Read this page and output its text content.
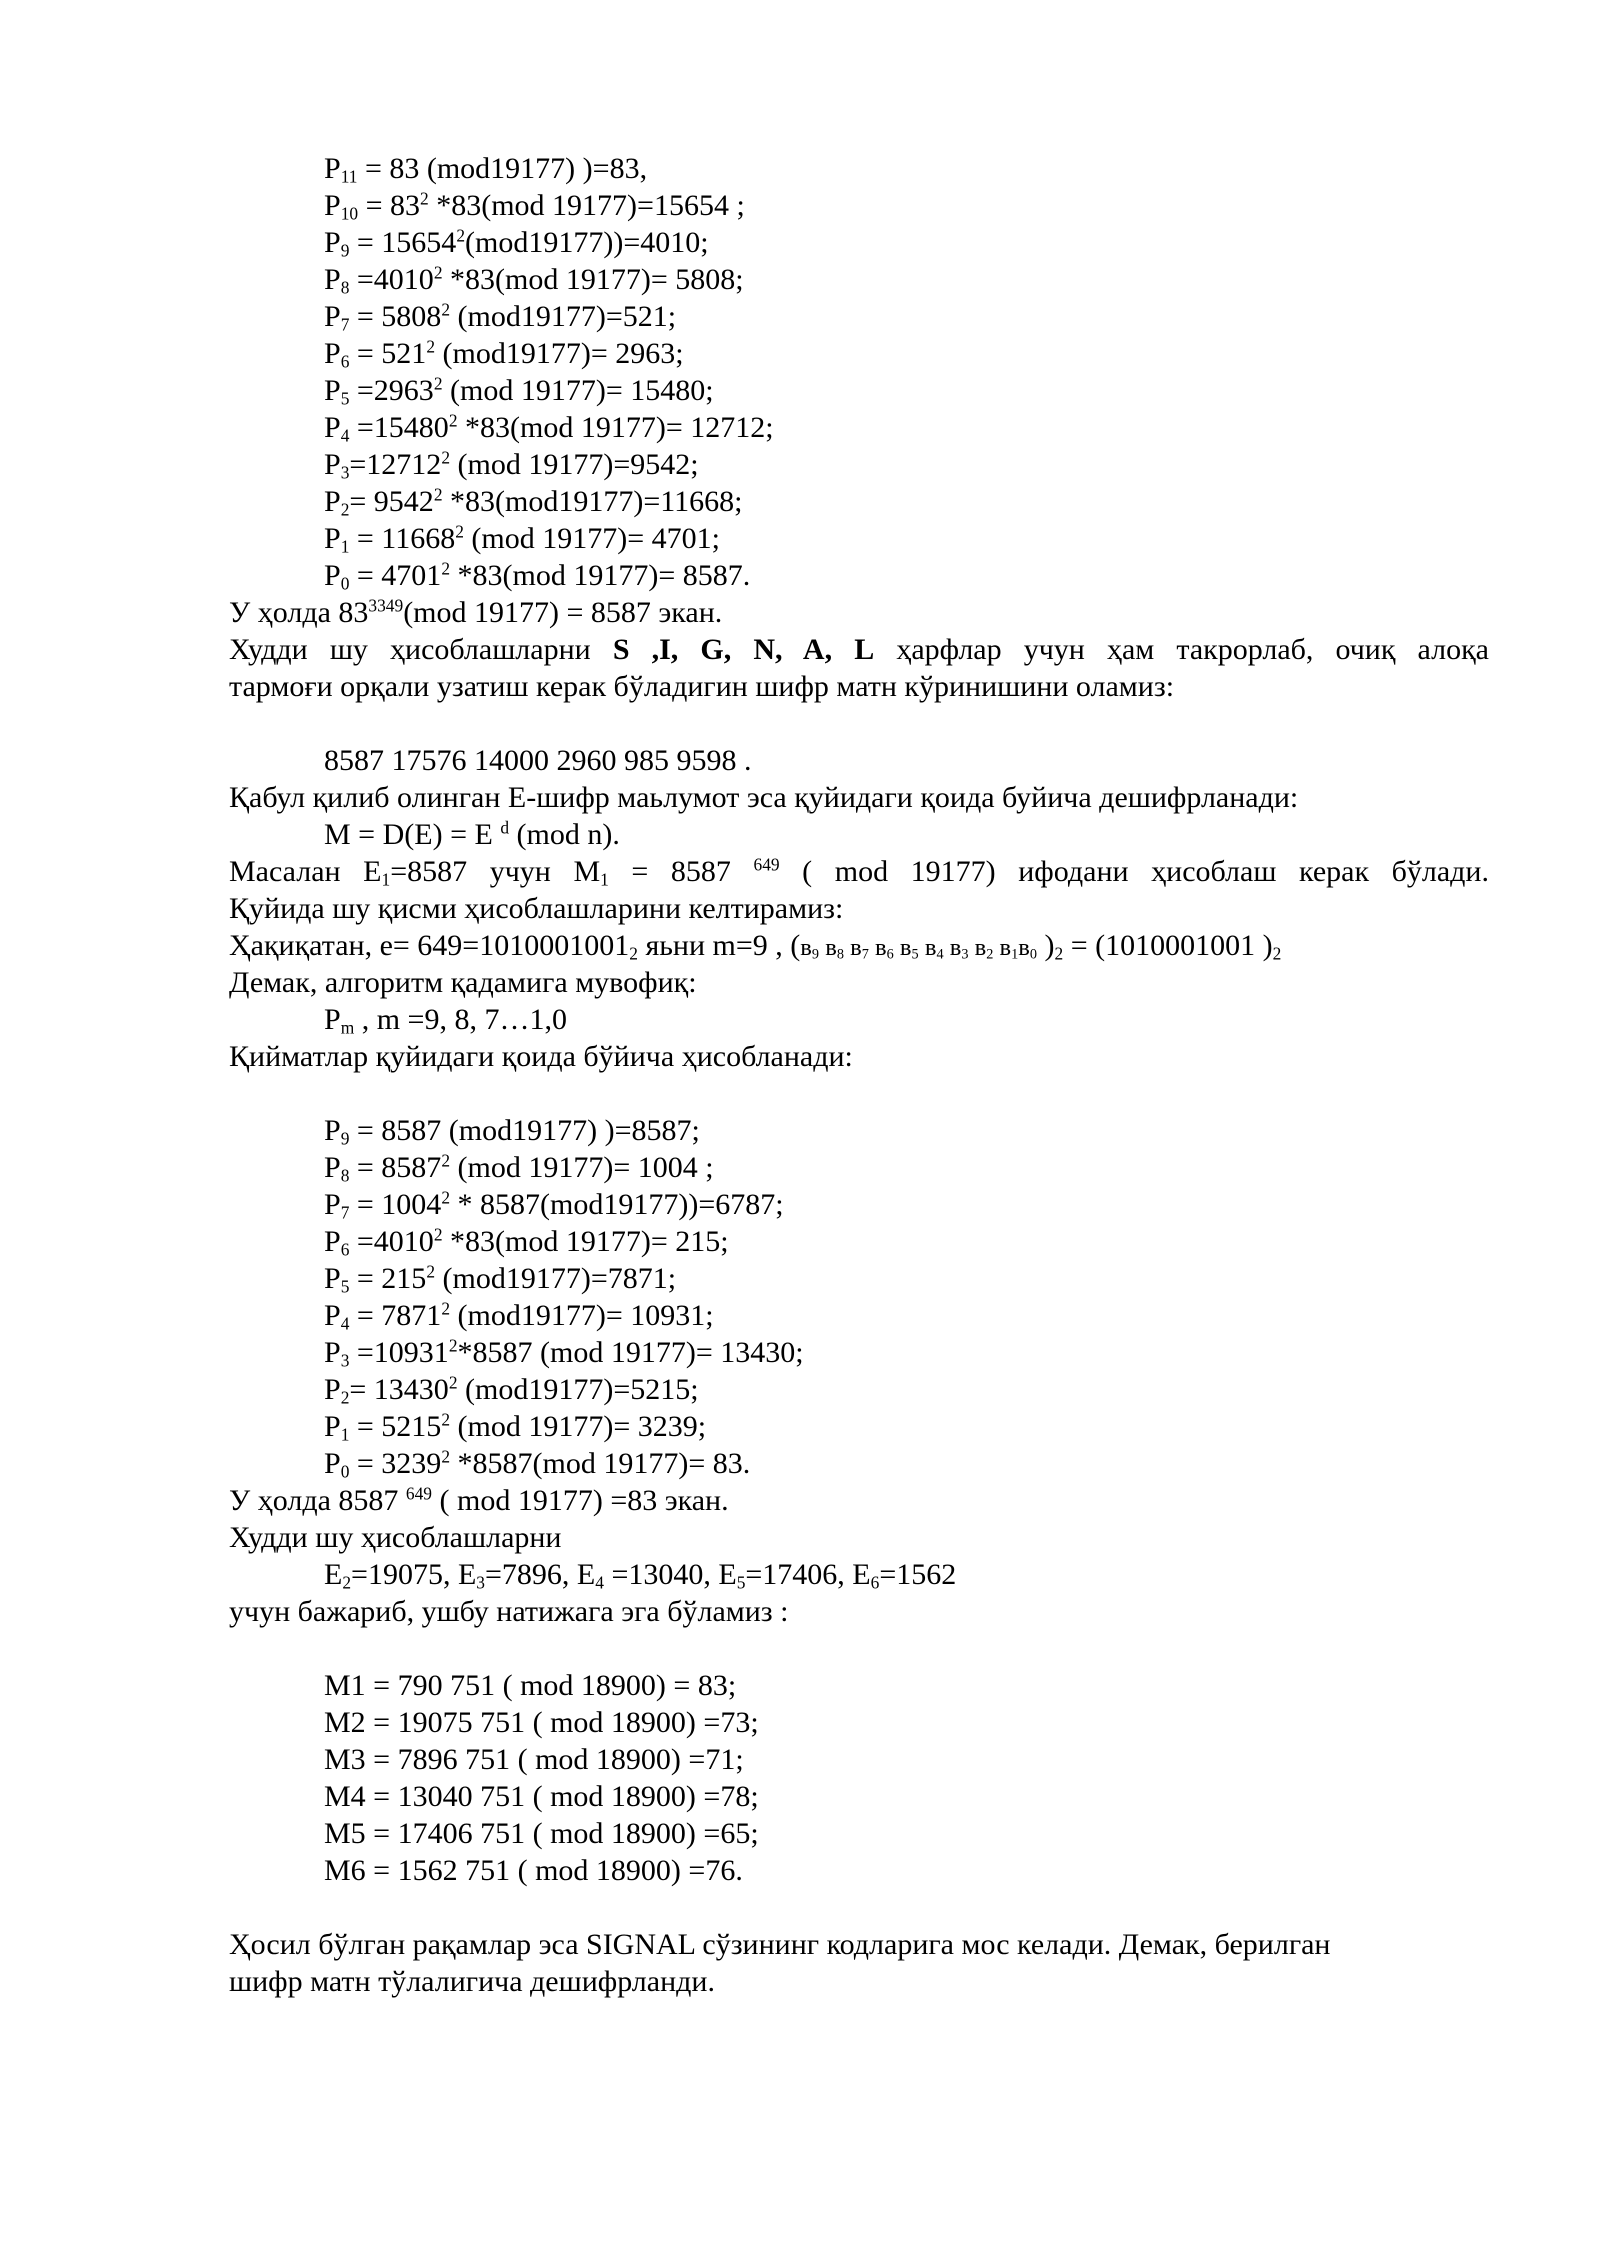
$P_{11} = 83$ (mod19177) )=83,
$P_{10} = 83^2$ *83(mod 19177)=15654 ;
$P_9 = 15654^2(mod19177))=4010$;
$P_8 =4010^2$ *83(mod 19177)= 5808;
$P_7 = 5808^2$ (mod19177)=521;
$P_6 = 521^2$ (mod19177)= 2963;
$P_5 =2963^2$ (mod 19177)= 15480;
$P_4 =15480^2$ *83(mod 19177)= 12712;
$P_3=12712^2$ (mod 19177)=9542;
$P_2= 9542^2$ *83(mod19177)=11668;
$P_1 = 11668^2$ (mod 19177)= 4701;
$P_0 = 4701^2$ *83(mod 19177)= 8587.
У ҳолда $83^{3349}(mod$ 19177) = 8587 экан.
Худди шу ҳисоблашларни S ,I, G, N, A, L ҳарфлар учун ҳам такрорлаб, очиқ алоқа
тармоғи орқали узатиш керак бўладигин шифр матн кўринишини оламиз:
8587 17576 14000 2960 985 9598 .
Қабул қилиб олинган E-шифр маьлумот эса қуйидаги қоида буйича дешифрланади:
M = D(E) = E $^d$ (mod n).
Масалан $E_1=8587$ учун $M_1 = 8587$ $^{649}$ ( mod 19177) ифодани ҳисоблаш керак бўлади.
Қуйида шу қисми ҳисоблашларини келтирамиз:
Ҳақиқатан, $e= 649=1010001001_2$ яьни m=9 , ($в_9$ $в_8$ $в_7$ $в_6$ $в_5$ $в_4$ $в_3$ $в_2$ $в_1в_0$ )$_2 = (1010001001$ )$_2$
Демак, алгоритм қадамига мувофиқ:
$P_m$ , m =9, 8, 7…1,0
Қийматлар қуйидаги қоида бўйича ҳисобланади:
$P_9 = 8587$ (mod19177) )=8587;
$P_8 = 8587^2$ (mod 19177)= 1004 ;
$P_7 = 1004^2 * 8587(mod19177))=6787$;
$P_6 =4010^2$ *83(mod 19177)= 215;
$P_5 = 215^2$ (mod19177)=7871;
$P_4 = 7871^2$ (mod19177)= 10931;
$P_3 =10931^2*8587$ (mod 19177)= 13430;
$P_2= 13430^2$ (mod19177)=5215;
$P_1 = 5215^2$ (mod 19177)= 3239;
$P_0 = 3239^2$ *8587(mod 19177)= 83.
У ҳолда 8587 $^{649}$ ( mod 19177) =83 экан.
Худди шу ҳисоблашларни
$E_2=19075$, $E_3=7896$, $E_4 =13040$, $E_5=17406$, $E_6=1562$
учун бажариб, ушбу натижага эга бўламиз :
M1 = 790 751 ( mod 18900) = 83;
M2 = 19075 751 ( mod 18900) =73;
M3 = 7896 751 ( mod 18900) =71;
M4 = 13040 751 ( mod 18900) =78;
M5 = 17406 751 ( mod 18900) =65;
M6 = 1562 751 ( mod 18900) =76.
Ҳосил бўлган рақамлар эса SIGNAL сўзининг кодларига мос келади. Демак, берилган
шифр матн тўлалигича дешифрланди.
